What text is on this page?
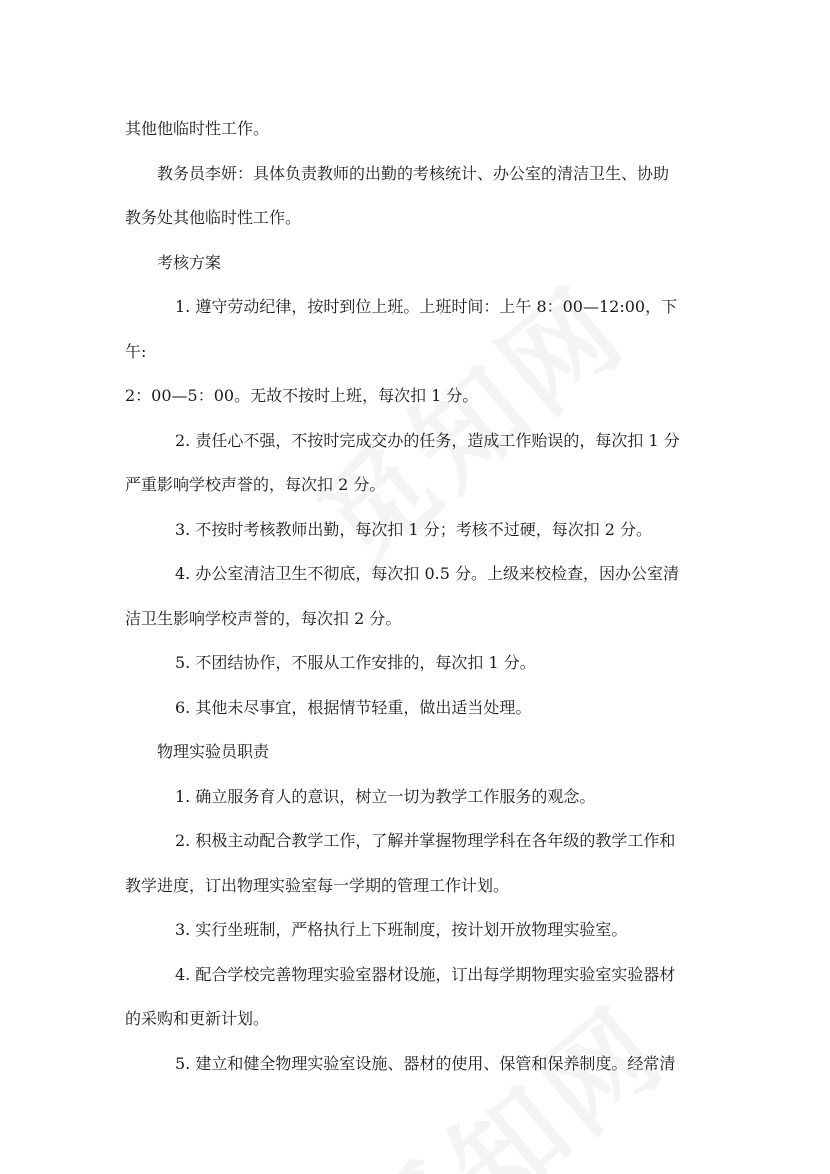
其他他临时性工作。
教务员李妍：具体负责教师的出勤的考核统计、办公室的清洁卫生、协助
教务处其他临时性工作。
考核方案
1. 遵守劳动纪律，按时到位上班。上班时间：上午 8：00—12:00，下
午:
2：00—5：00。无故不按时上班，每次扣 1 分。
2. 责任心不强，不按时完成交办的任务，造成工作贻误的，每次扣 1 分
严重影响学校声誉的，每次扣 2 分。
3. 不按时考核教师出勤，每次扣 1 分；考核不过硬，每次扣 2 分。
4. 办公室清洁卫生不彻底，每次扣 0.5 分。上级来校检查，因办公室清
洁卫生影响学校声誉的，每次扣 2 分。
5. 不团结协作，不服从工作安排的，每次扣 1 分。
6. 其他未尽事宜，根据情节轻重，做出适当处理。
物理实验员职责
1. 确立服务育人的意识，树立一切为教学工作服务的观念。
2. 积极主动配合教学工作，了解并掌握物理学科在各年级的教学工作和
教学进度，订出物理实验室每一学期的管理工作计划。
3. 实行坐班制，严格执行上下班制度，按计划开放物理实验室。
4. 配合学校完善物理实验室器材设施，订出每学期物理实验室实验器材
的采购和更新计划。
5. 建立和健全物理实验室设施、器材的使用、保管和保养制度。经常清
